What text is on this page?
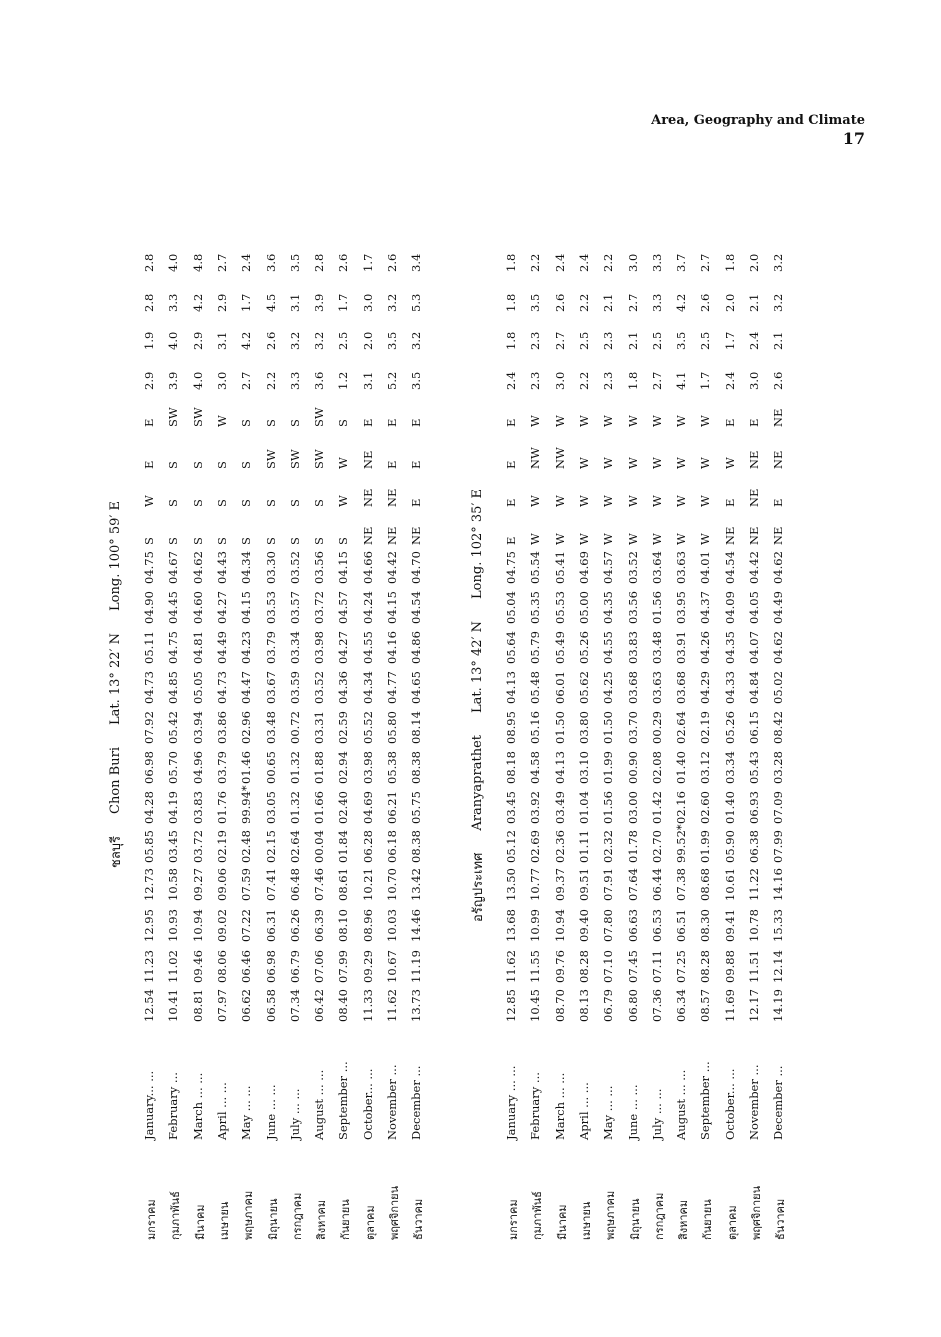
Area, Geography and Climate
17
ชลบุรี
Chon Buri
Lat. 13° 22′ N
Long. 100° 59′ E
มกราคม
January... ...
12.54
11.23
12.95
12.73
05.85
04.28
06.98
07.92
04.73
05.11
04.90
04.75
S
W
E
E
2.9
1.9
2.8
2.8
กุมภาพันธ์
February ...
10.41
11.02
10.93
10.58
03.45
04.19
05.70
05.42
04.85
04.75
04.45
04.67
S
S
S
SW
3.9
4.0
3.3
4.0
มีนาคม
March ... ...
08.81
09.46
10.94
09.27
03.72
03.83
04.96
03.94
05.05
04.81
04.60
04.62
S
S
S
SW
4.0
2.9
4.2
4.8
เมษายน
April ... ...
07.97
08.06
09.02
09.06
02.19
01.76
03.79
03.86
04.73
04.49
04.27
04.43
S
S
S
W
3.0
3.1
2.9
2.7
พฤษภาคม
May ... ...
06.62
06.46
07.22
07.59
02.48
99.94*
01.46
02.96
04.47
04.23
04.15
04.34
S
S
S
S
2.7
4.2
1.7
2.4
มิถุนายน
June ... ...
06.58
06.98
06.31
07.41
02.15
03.05
00.65
03.48
03.67
03.79
03.53
03.30
S
S
SW
S
2.2
2.6
4.5
3.6
กรกฎาคม
July ... ...
07.34
06.79
06.26
06.48
02.64
01.32
01.32
00.72
03.59
03.34
03.57
03.52
S
S
SW
S
3.3
3.2
3.1
3.5
สิงหาคม
August ... ...
06.42
07.06
06.39
07.46
00.04
01.66
01.88
03.31
03.52
03.98
03.72
03.56
S
S
SW
SW
3.6
3.2
3.9
2.8
กันยายน
September ...
08.40
07.99
08.10
08.61
01.84
02.40
02.94
02.59
04.36
04.27
04.57
04.15
S
W
W
S
1.2
2.5
1.7
2.6
ตุลาคม
October... ...
11.33
09.29
08.96
10.21
06.28
04.69
03.98
05.52
04.34
04.55
04.24
04.66
NE
NE
NE
E
3.1
2.0
3.0
1.7
พฤศจิกายน
November ...
11.62
10.67
10.03
10.70
06.18
06.21
05.38
05.80
04.77
04.16
04.15
04.42
NE
NE
E
E
5.2
3.5
3.2
2.6
ธันวาคม
December ...
13.73
11.19
14.46
13.42
08.38
05.75
08.38
08.14
04.65
04.86
04.54
04.70
NE
E
E
E
3.5
3.2
5.3
3.4
อรัญประเทศ
Aranyaprathet
Lat. 13° 42′ N
Long. 102° 35′ E
มกราคม
January ... ...
12.85
11.62
13.68
13.50
05.12
03.45
08.18
08.95
04.13
05.64
05.04
04.75
E
E
E
E
2.4
1.8
1.8
1.8
กุมภาพันธ์
February ...
10.45
11.55
10.99
10.77
02.69
03.92
04.58
05.16
05.48
05.79
05.35
05.54
W
W
NW
W
2.3
2.3
3.5
2.2
มีนาคม
March ... ...
08.70
09.76
10.94
09.37
02.36
03.49
04.13
01.50
06.01
05.49
05.53
05.41
W
W
NW
W
3.0
2.7
2.6
2.4
เมษายน
April ... ...
08.13
08.28
09.40
09.51
01.11
01.04
03.10
03.80
05.62
05.26
05.00
04.69
W
W
W
W
2.2
2.5
2.2
2.4
พฤษภาคม
May ... ...
06.79
07.10
07.80
07.91
02.32
01.56
01.99
01.50
04.25
04.55
04.35
04.57
W
W
W
W
2.3
2.3
2.1
2.2
มิถุนายน
June ... ...
06.80
07.45
06.63
07.64
01.78
03.00
00.90
03.70
03.68
03.83
03.56
03.52
W
W
W
W
1.8
2.1
2.7
3.0
กรกฎาคม
July ... ...
07.36
07.11
06.53
06.44
02.70
01.42
02.08
00.29
03.63
03.48
01.56
03.64
W
W
W
W
2.7
2.5
3.3
3.3
สิงหาคม
August ... ...
06.34
07.25
06.51
07.38
99.52*
02.16
01.40
02.64
03.68
03.91
03.95
03.63
W
W
W
W
4.1
3.5
4.2
3.7
กันยายน
September ...
08.57
08.28
08.30
08.68
01.99
02.60
03.12
02.19
04.29
04.26
04.37
04.01
W
W
W
W
1.7
2.5
2.6
2.7
ตุลาคม
October... ...
11.69
09.88
09.41
10.61
05.90
01.40
03.34
05.26
04.33
04.35
04.09
04.54
NE
E
W
E
2.4
1.7
2.0
1.8
พฤศจิกายน
November ...
12.17
11.51
10.78
11.22
06.38
06.93
05.43
06.15
04.84
04.07
04.05
04.42
NE
NE
NE
E
3.0
2.4
2.1
2.0
ธันวาคม
December ...
14.19
12.14
15.33
14.16
07.99
07.09
03.28
08.42
05.02
04.62
04.49
04.62
NE
E
NE
NE
2.6
2.1
3.2
3.2
